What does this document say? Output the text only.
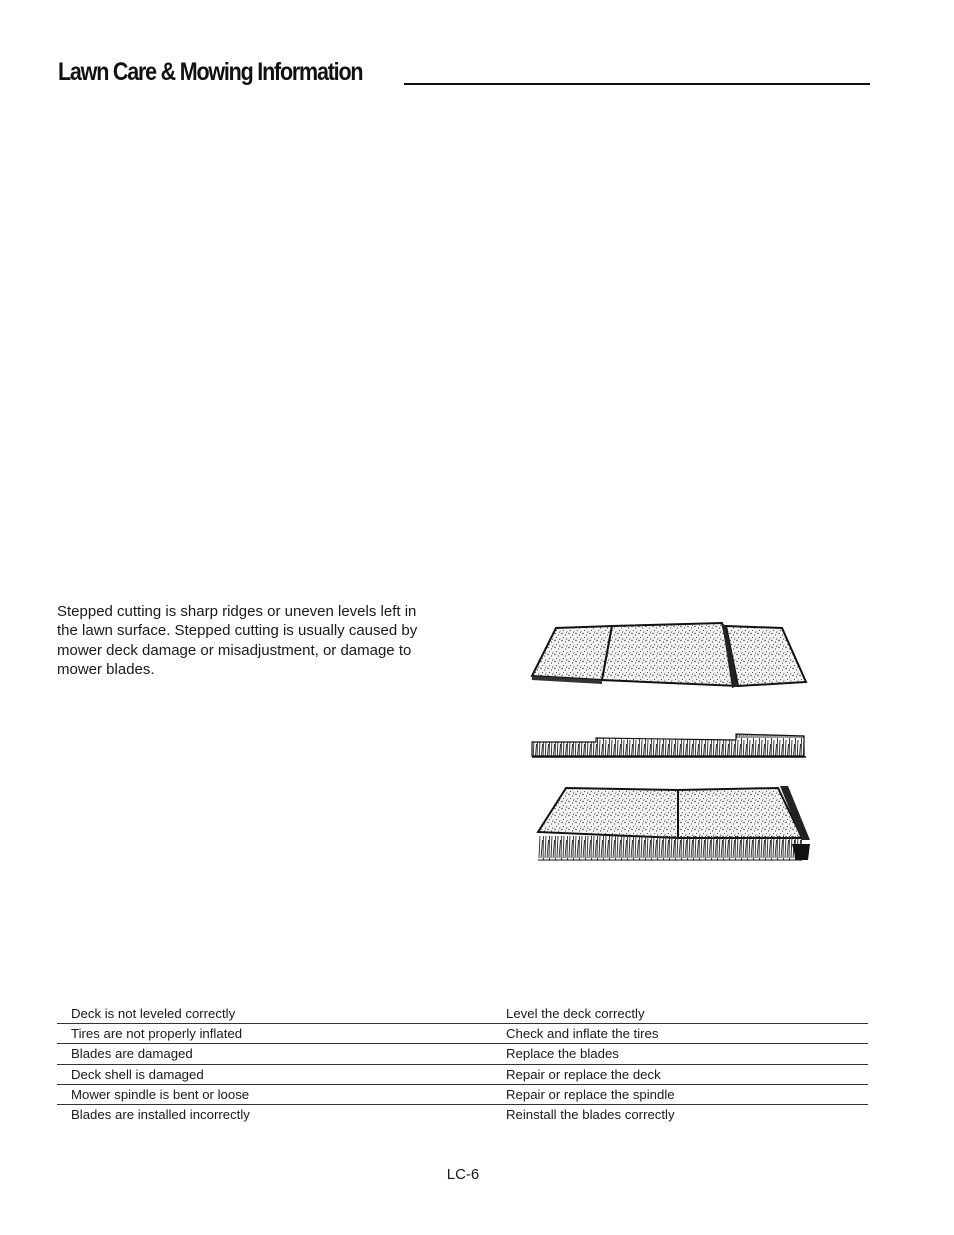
Lawn Care & Mowing Information
Stepped cutting is sharp ridges or uneven levels left in
the lawn surface. Stepped cutting is usually caused by
mower deck damage or misadjustment, or damage to
mower blades.
Deck is not leveled correctly	Level the deck correctly
Tires are not properly inflated	Check and inflate the tires
Blades are damaged	Replace the blades
Deck shell is damaged	Repair or replace the deck
Mower spindle is bent or loose	Repair or replace the spindle
Blades are installed incorrectly	Reinstall the blades correctly
LC-6
